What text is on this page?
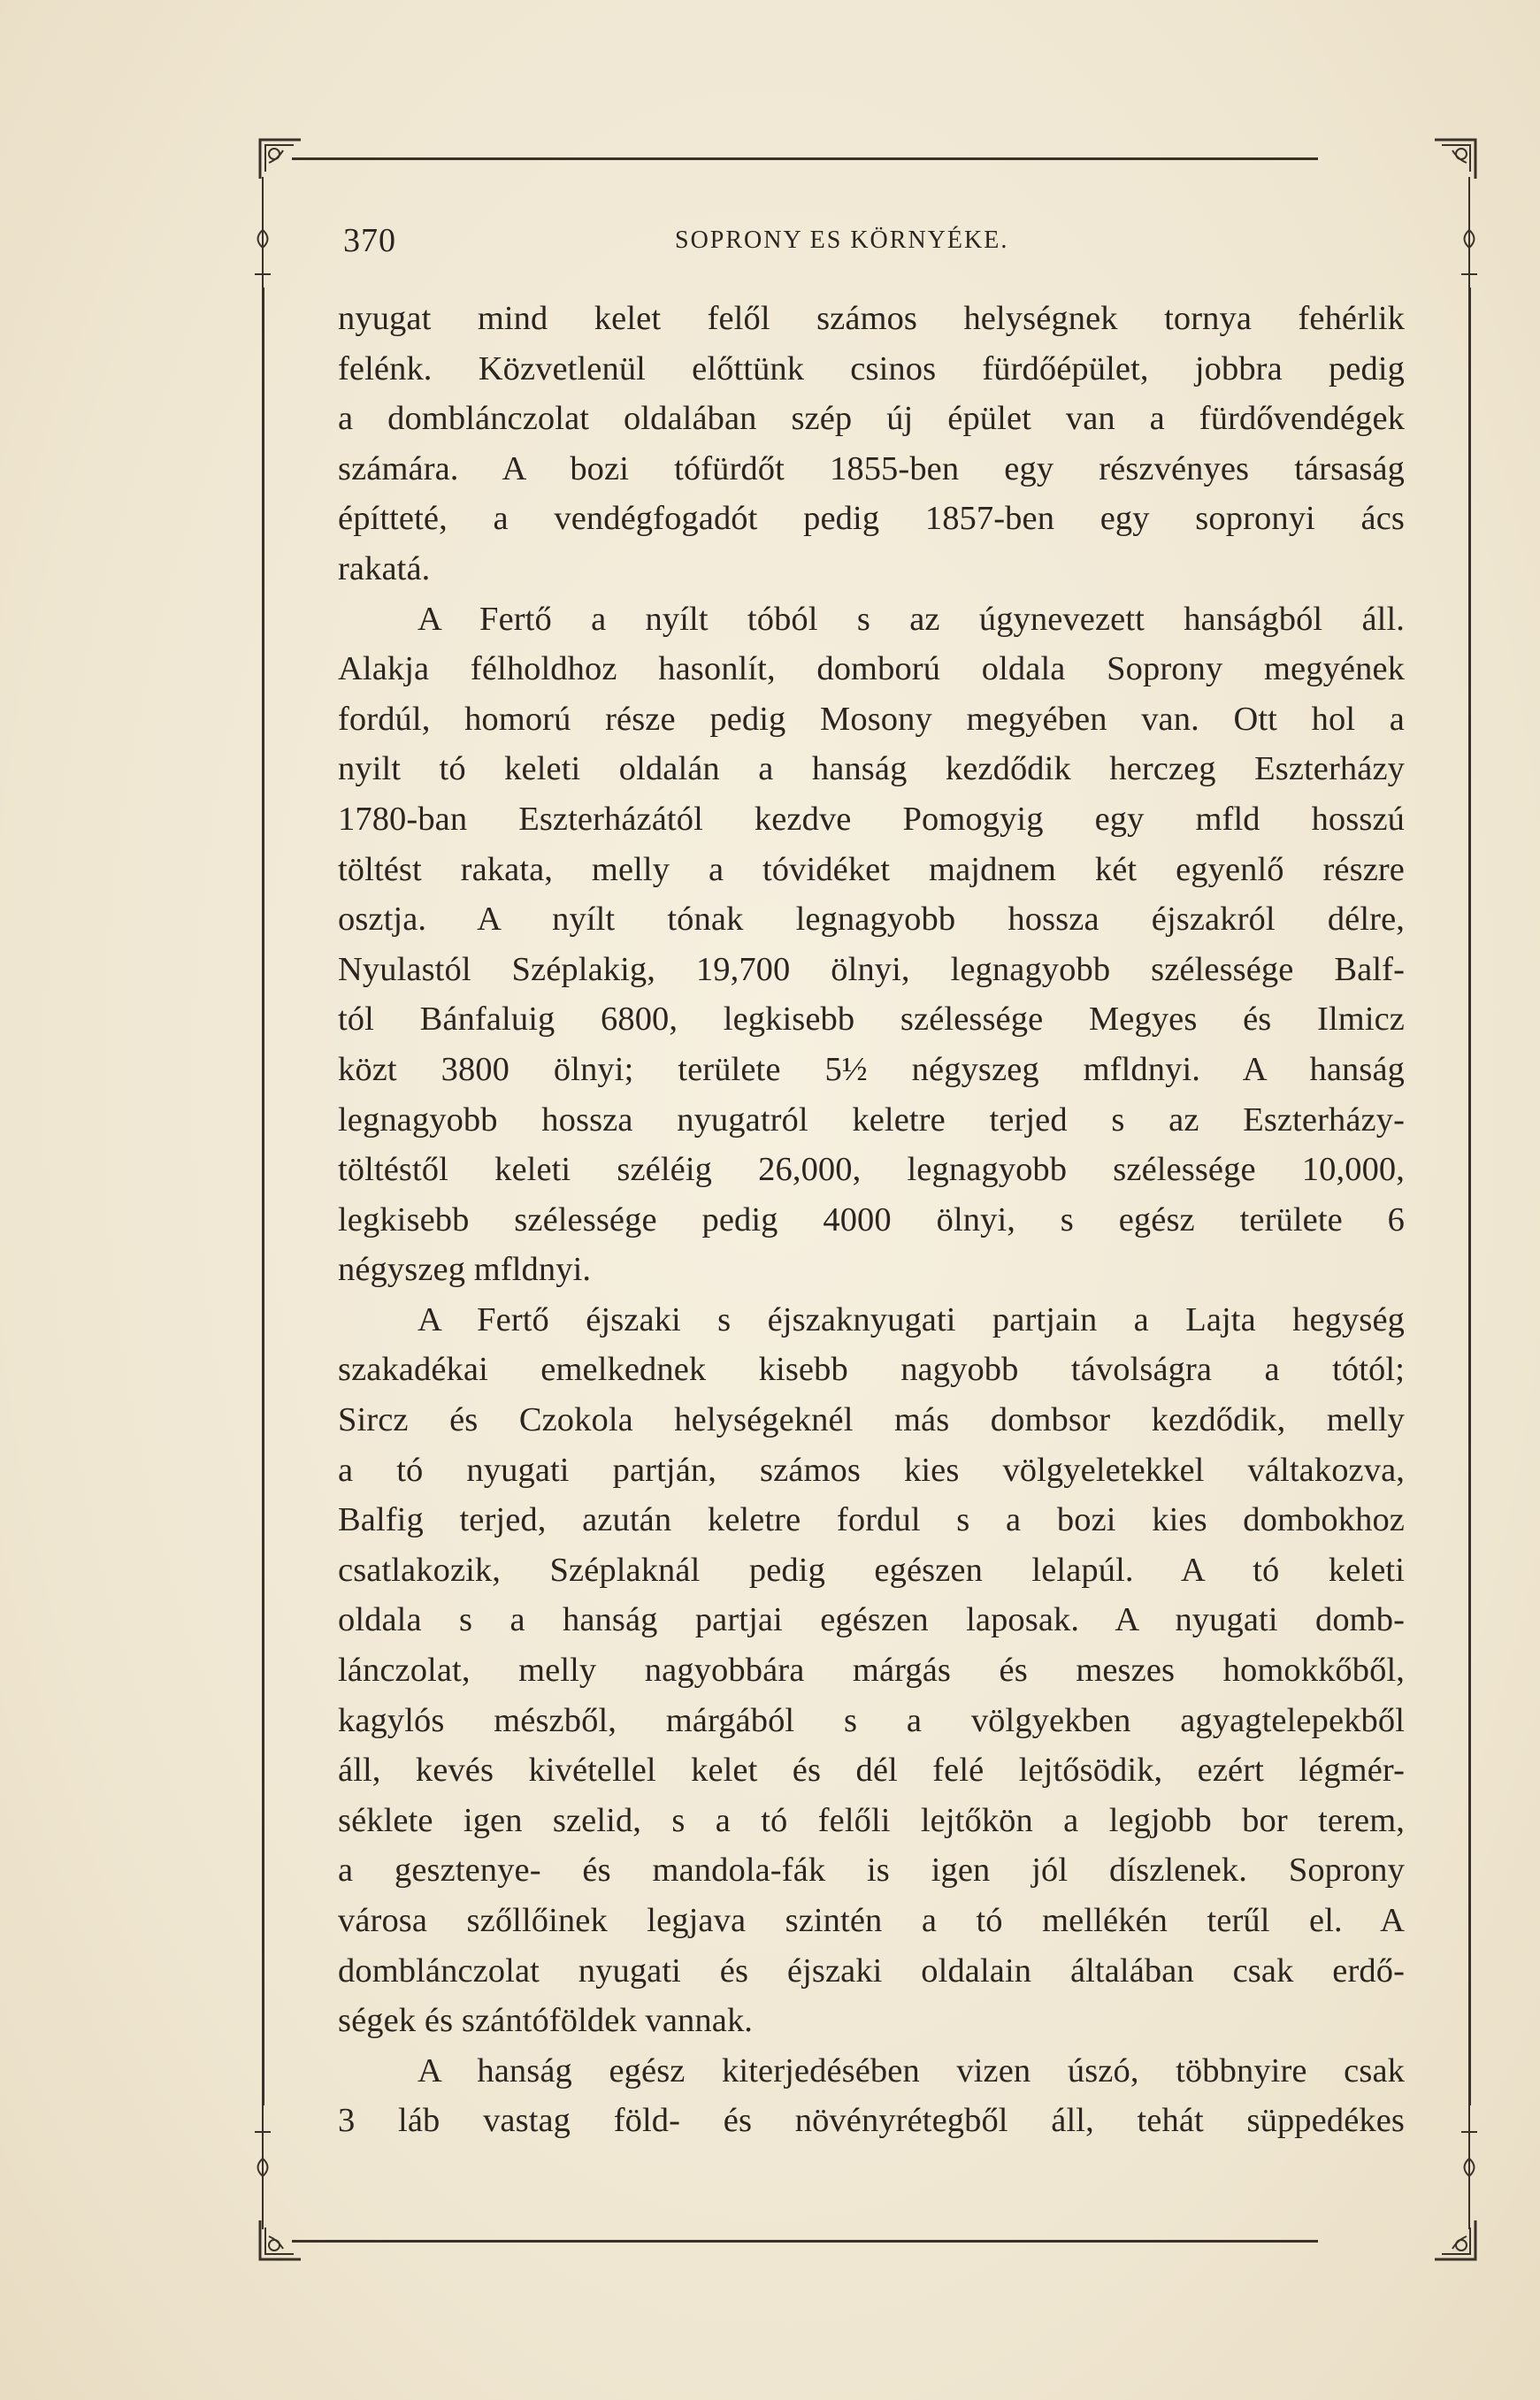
370	SOPRONY ES KÖRNYÉKE.
nyugat mind kelet felől számos helységnek tornya fehérlik
felénk. Közvetlenül előttünk csinos fürdőépület, jobbra pedig
a domblánczolat oldalában szép új épület van a fürdővendégek
számára. A bozi tófürdőt 1855-ben egy részvényes társaság
építteté, a vendégfogadót pedig 1857-ben egy sopronyi ács
rakatá.
A Fertő a nyílt tóból s az úgynevezett hanságból áll.
Alakja félholdhoz hasonlít, domború oldala Soprony megyének
fordúl, homorú része pedig Mosony megyében van. Ott hol a
nyilt tó keleti oldalán a hanság kezdődik herczeg Eszterházy
1780-ban Eszterházától kezdve Pomogyig egy mfld hosszú
töltést rakata, melly a tóvidéket majdnem két egyenlő részre
osztja. A nyílt tónak legnagyobb hossza éjszakról délre,
Nyulastól Széplakig, 19,700 ölnyi, legnagyobb szélessége Balf-
tól Bánfaluig 6800, legkisebb szélessége Megyes és Ilmicz
közt 3800 ölnyi; területe 5½ négyszeg mfldnyi. A hanság
legnagyobb hossza nyugatról keletre terjed s az Eszterházy-
töltéstől keleti széléig 26,000, legnagyobb szélessége 10,000,
legkisebb szélessége pedig 4000 ölnyi, s egész területe 6
négyszeg mfldnyi.
A Fertő éjszaki s éjszaknyugati partjain a Lajta hegység
szakadékai emelkednek kisebb nagyobb távolságra a tótól;
Sircz és Czokola helységeknél más dombsor kezdődik, melly
a tó nyugati partján, számos kies völgyeletekkel váltakozva,
Balfig terjed, azután keletre fordul s a bozi kies dombokhoz
csatlakozik, Széplaknál pedig egészen lelapúl. A tó keleti
oldala s a hanság partjai egészen laposak. A nyugati domb-
lánczolat, melly nagyobbára márgás és meszes homokkőből,
kagylós mészből, márgából s a völgyekben agyagtelepekből
áll, kevés kivétellel kelet és dél felé lejtősödik, ezért légmér-
séklete igen szelid, s a tó felőli lejtőkön a legjobb bor terem,
a gesztenye- és mandola-fák is igen jól díszlenek. Soprony
városa szőllőinek legjava szintén a tó mellékén terűl el. A
domblánczolat nyugati és éjszaki oldalain általában csak erdő-
ségek és szántóföldek vannak.
A hanság egész kiterjedésében vizen úszó, többnyire csak
3 láb vastag föld- és növényrétegből áll, tehát süppedékes
